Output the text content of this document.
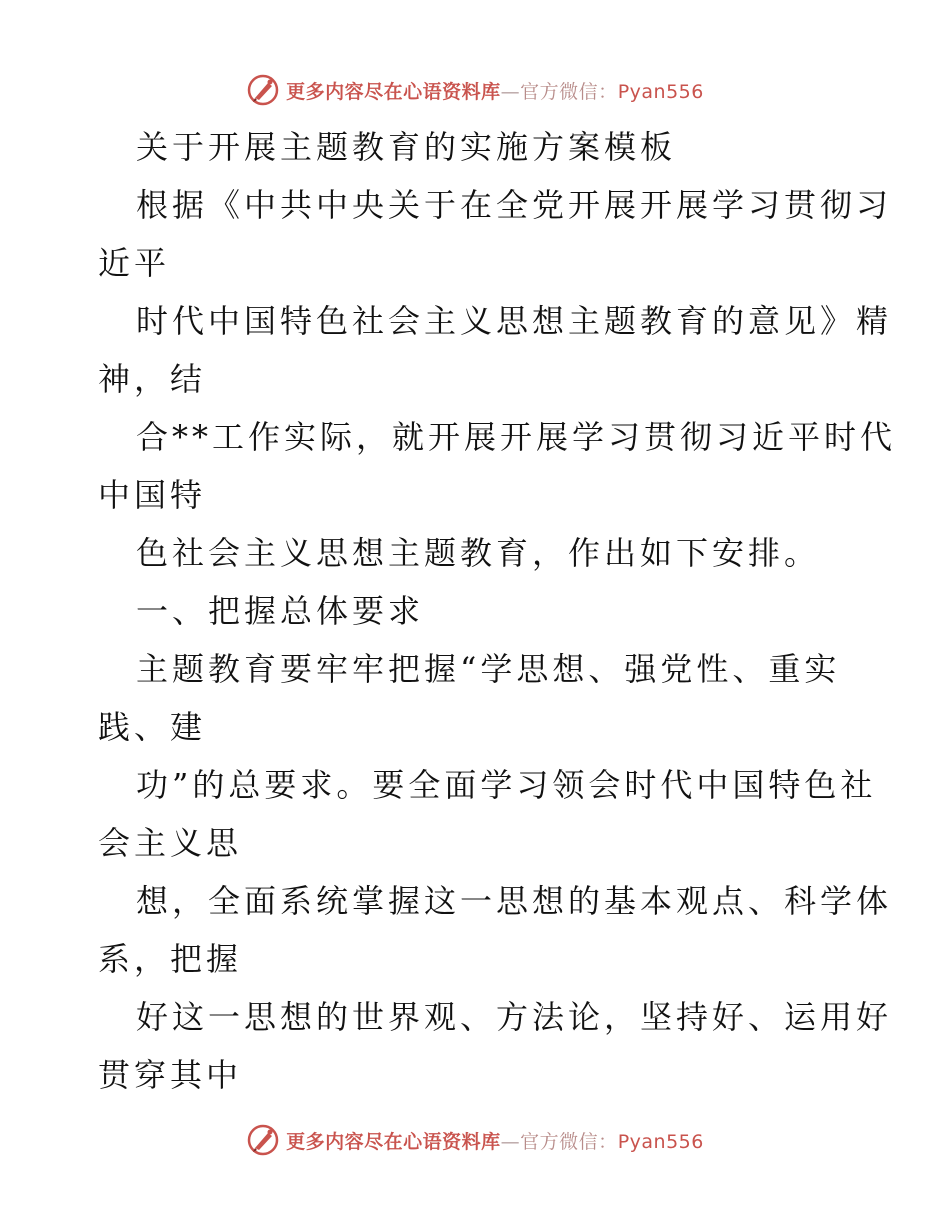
更多内容尽在心语资料库—官方微信：Pyan556
关于开展主题教育的实施方案模板
根据《中共中央关于在全党开展开展学习贯彻习
近平
时代中国特色社会主义思想主题教育的意见》精
神，结
合**工作实际，就开展开展学习贯彻习近平时代
中国特
色社会主义思想主题教育，作出如下安排。
一、把握总体要求
主题教育要牢牢把握“学思想、强党性、重实
践、建
功”的总要求。要全面学习领会时代中国特色社
会主义思
想，全面系统掌握这一思想的基本观点、科学体
系，把握
好这一思想的世界观、方法论，坚持好、运用好
贯穿其中
更多内容尽在心语资料库—官方微信：Pyan556
